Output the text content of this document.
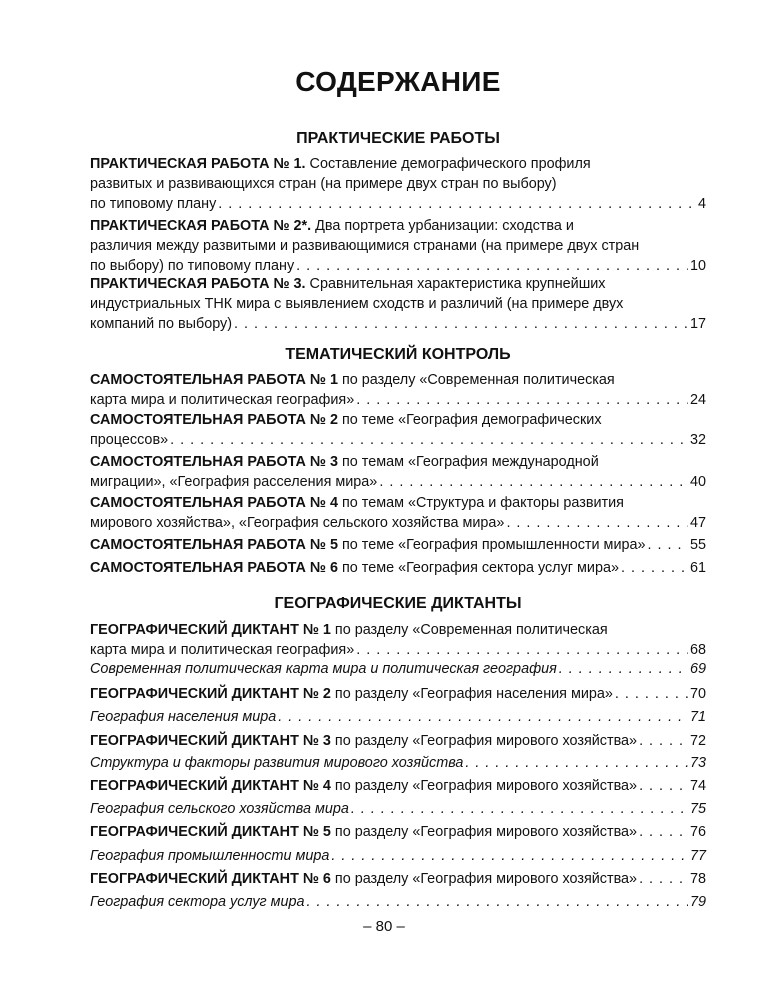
СОДЕРЖАНИЕ
ПРАКТИЧЕСКИЕ РАБОТЫ
ПРАКТИЧЕСКАЯ РАБОТА № 1. Составление демографического профиля
развитых и развивающихся стран (на примере двух стран по выбору)
по типовому плану . . .	4
ПРАКТИЧЕСКАЯ РАБОТА № 2*. Два портрета урбанизации: сходства и
различия между развитыми и развивающимися странами (на примере двух стран
по выбору) по типовому плану . . .	10
ПРАКТИЧЕСКАЯ РАБОТА № 3. Сравнительная характеристика крупнейших
индустриальных ТНК мира с выявлением сходств и различий (на примере двух
компаний по выбору) . . .	17
ТЕМАТИЧЕСКИЙ КОНТРОЛЬ
САМОСТОЯТЕЛЬНАЯ РАБОТА № 1 по разделу «Современная политическая
карта мира и политическая география» . . .	24
САМОСТОЯТЕЛЬНАЯ РАБОТА № 2 по теме «География демографических
процессов» . . .	32
САМОСТОЯТЕЛЬНАЯ РАБОТА № 3 по темам «География международной
миграции», «География расселения мира» . . .	40
САМОСТОЯТЕЛЬНАЯ РАБОТА № 4 по темам «Структура и факторы развития
мирового хозяйства», «География сельского хозяйства мира» . . .	47
САМОСТОЯТЕЛЬНАЯ РАБОТА № 5 по теме «География промышленности мира» . . .	55
САМОСТОЯТЕЛЬНАЯ РАБОТА № 6 по теме «География сектора услуг мира» . . .	61
ГЕОГРАФИЧЕСКИЕ ДИКТАНТЫ
ГЕОГРАФИЧЕСКИЙ ДИКТАНТ № 1 по разделу «Современная политическая
карта мира и политическая география» . . .	68
Современная политическая карта мира и политическая география . . .	69
ГЕОГРАФИЧЕСКИЙ ДИКТАНТ № 2 по разделу «География населения мира» . . .	70
География населения мира . . .	71
ГЕОГРАФИЧЕСКИЙ ДИКТАНТ № 3 по разделу «География мирового хозяйства» . . .	72
Структура и факторы развития мирового хозяйства . . .	73
ГЕОГРАФИЧЕСКИЙ ДИКТАНТ № 4 по разделу «География мирового хозяйства» . . .	74
География сельского хозяйства мира . . .	75
ГЕОГРАФИЧЕСКИЙ ДИКТАНТ № 5 по разделу «География мирового хозяйства» . . .	76
География промышленности мира . . .	77
ГЕОГРАФИЧЕСКИЙ ДИКТАНТ № 6 по разделу «География мирового хозяйства» . . .	78
География сектора услуг мира . . .	79
– 80 –
